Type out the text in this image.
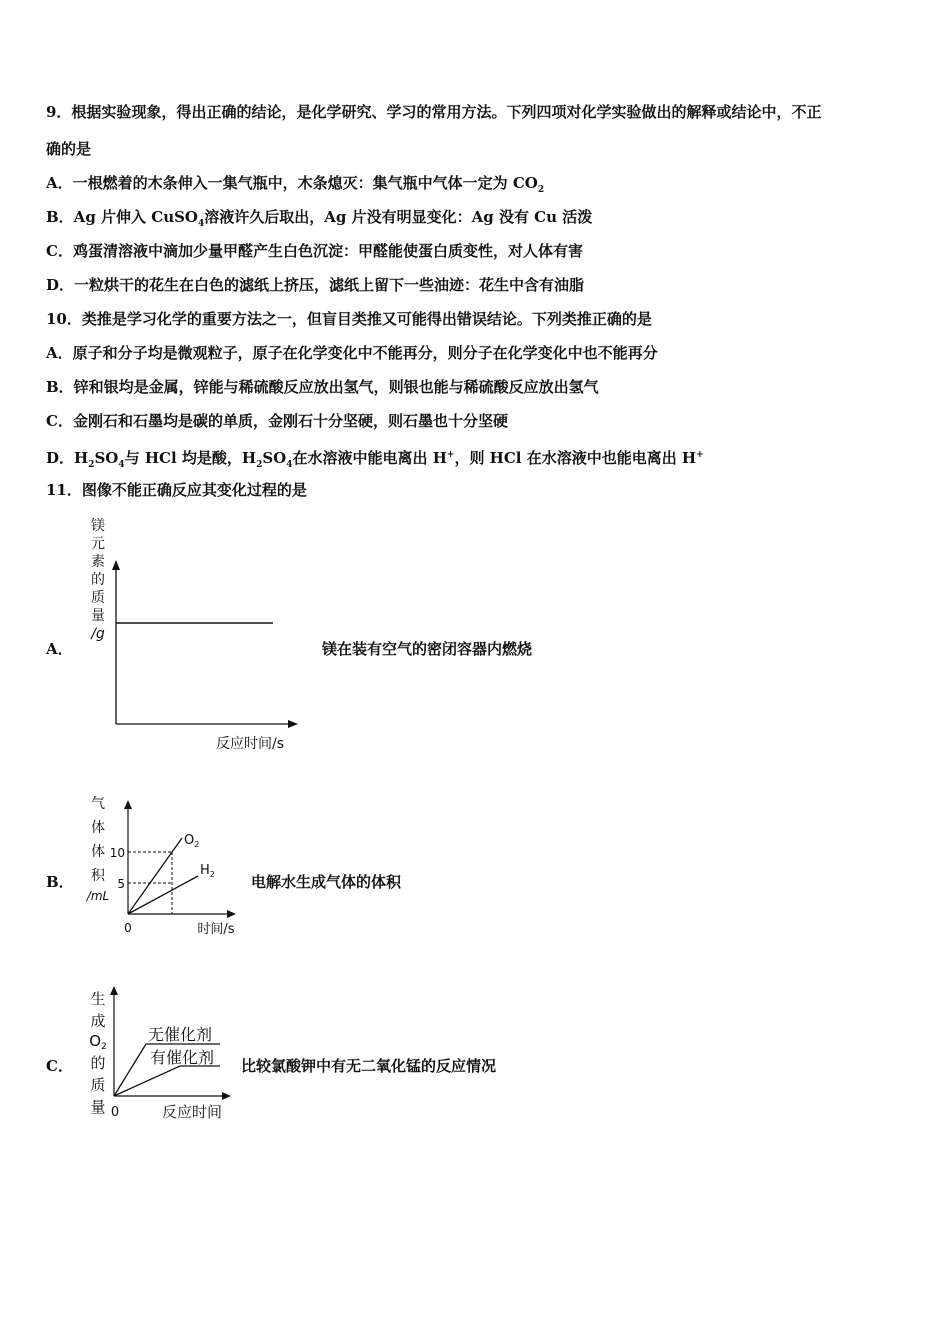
9．根据实验现象，得出正确的结论，是化学研究、学习的常用方法。下列四项对化学实验做出的解释或结论中，不正
确的是
A．一根燃着的木条伸入一集气瓶中，木条熄灭：集气瓶中气体一定为 $CO_2$
B．Ag 片伸入 CuSO$_4$溶液许久后取出，Ag 片没有明显变化：Ag 没有 Cu 活泼
C．鸡蛋清溶液中滴加少量甲醛产生白色沉淀：甲醛能使蛋白质变性，对人体有害
D．一粒烘干的花生在白色的滤纸上挤压，滤纸上留下一些油迹：花生中含有油脂
10．类推是学习化学的重要方法之一，但盲目类推又可能得出错误结论。下列类推正确的是
A．原子和分子均是微观粒子，原子在化学变化中不能再分，则分子在化学变化中也不能再分
B．锌和银均是金属，锌能与稀硫酸反应放出氢气，则银也能与稀硫酸反应放出氢气
C．金刚石和石墨均是碳的单质，金刚石十分坚硬，则石墨也十分坚硬
D．$H_2SO_4$与 HCl 均是酸，$H_2SO_4$在水溶液中能电离出 H+，则 HCl 在水溶液中也能电离出 H+
11．图像不能正确反应其变化过程的是
A．
镁
元
素
的
质
量
/g
反应时间/s
镁在装有空气的密闭容器内燃烧
B．
气
体
体
积
/mL
10
5
$O_2$
$H_2$
0	时间/s
电解水生成气体的体积
C．
生
成
$O_2$
的
质
量
无催化剂
有催化剂
0	反应时间
比较氯酸钾中有无二氧化锰的反应情况
